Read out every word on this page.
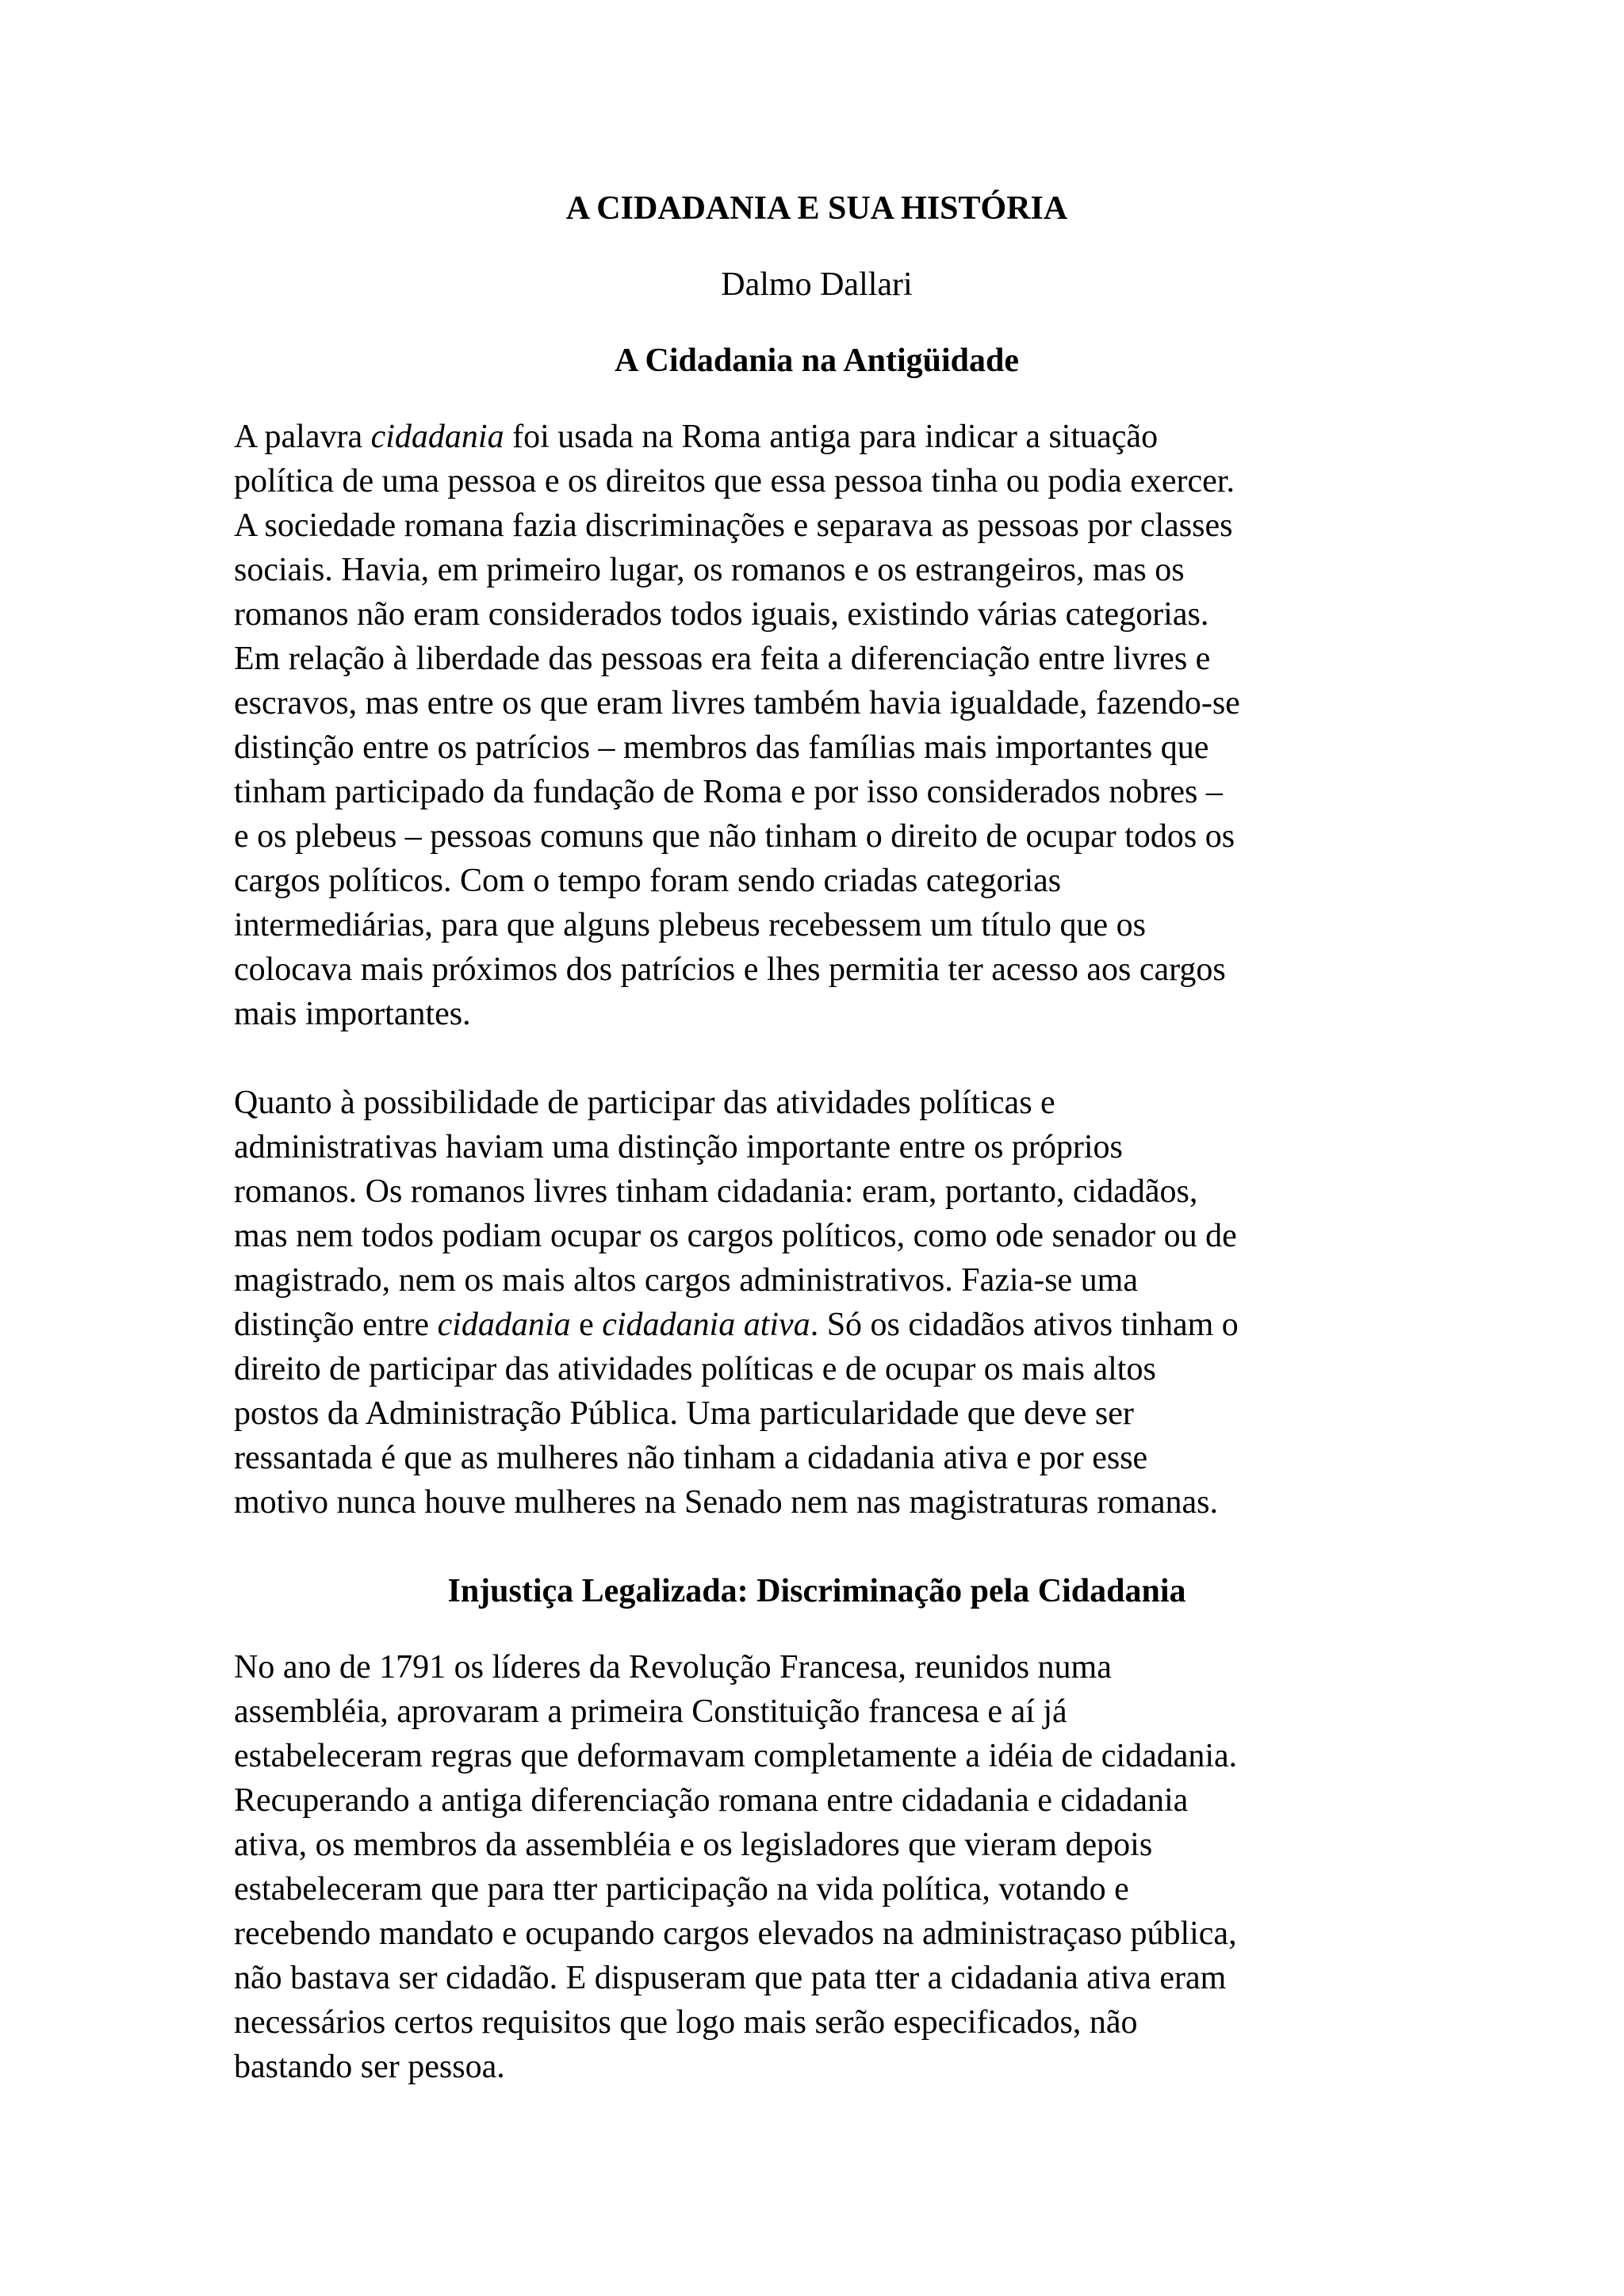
A CIDADANIA E SUA HISTÓRIA
Dalmo Dallari
A Cidadania na Antigüidade
A palavra cidadania foi usada na Roma antiga para indicar a situação
política de uma pessoa e os direitos que essa pessoa tinha ou podia exercer.
A sociedade romana fazia discriminações e separava as pessoas por classes
sociais. Havia, em primeiro lugar, os romanos e os estrangeiros, mas os
romanos não eram considerados todos iguais, existindo várias categorias.
Em relação à liberdade das pessoas era feita a diferenciação entre livres e
escravos, mas entre os que eram livres também havia igualdade, fazendo-se
distinção entre os patrícios – membros das famílias mais importantes que
tinham participado da fundação de Roma e por isso considerados nobres –
e os plebeus – pessoas comuns que não tinham o direito de ocupar todos os
cargos políticos. Com o tempo foram sendo criadas categorias
intermediárias, para que alguns plebeus recebessem um título que os
colocava mais próximos dos patrícios e lhes permitia ter acesso aos cargos
mais importantes.
Quanto à possibilidade de participar das atividades políticas e
administrativas haviam uma distinção importante entre os próprios
romanos. Os romanos livres tinham cidadania: eram, portanto, cidadãos,
mas nem todos podiam ocupar os cargos políticos, como ode senador ou de
magistrado, nem os mais altos cargos administrativos. Fazia-se uma
distinção entre cidadania e cidadania ativa. Só os cidadãos ativos tinham o
direito de participar das atividades políticas e de ocupar os mais altos
postos da Administração Pública. Uma particularidade que deve ser
ressantada é que as mulheres não tinham a cidadania ativa e por esse
motivo nunca houve mulheres na Senado nem nas magistraturas romanas.
Injustiça Legalizada: Discriminação pela Cidadania
No ano de 1791 os líderes da Revolução Francesa, reunidos numa
assembléia, aprovaram a primeira Constituição francesa e aí já
estabeleceram regras que deformavam completamente a idéia de cidadania.
Recuperando a antiga diferenciação romana entre cidadania e cidadania
ativa, os membros da assembléia e os legisladores que vieram depois
estabeleceram que para tter participação na vida política, votando e
recebendo mandato e ocupando cargos elevados na administraçaso pública,
não bastava ser cidadão. E dispuseram que pata tter a cidadania ativa eram
necessários certos requisitos que logo mais serão especificados, não
bastando ser pessoa.
